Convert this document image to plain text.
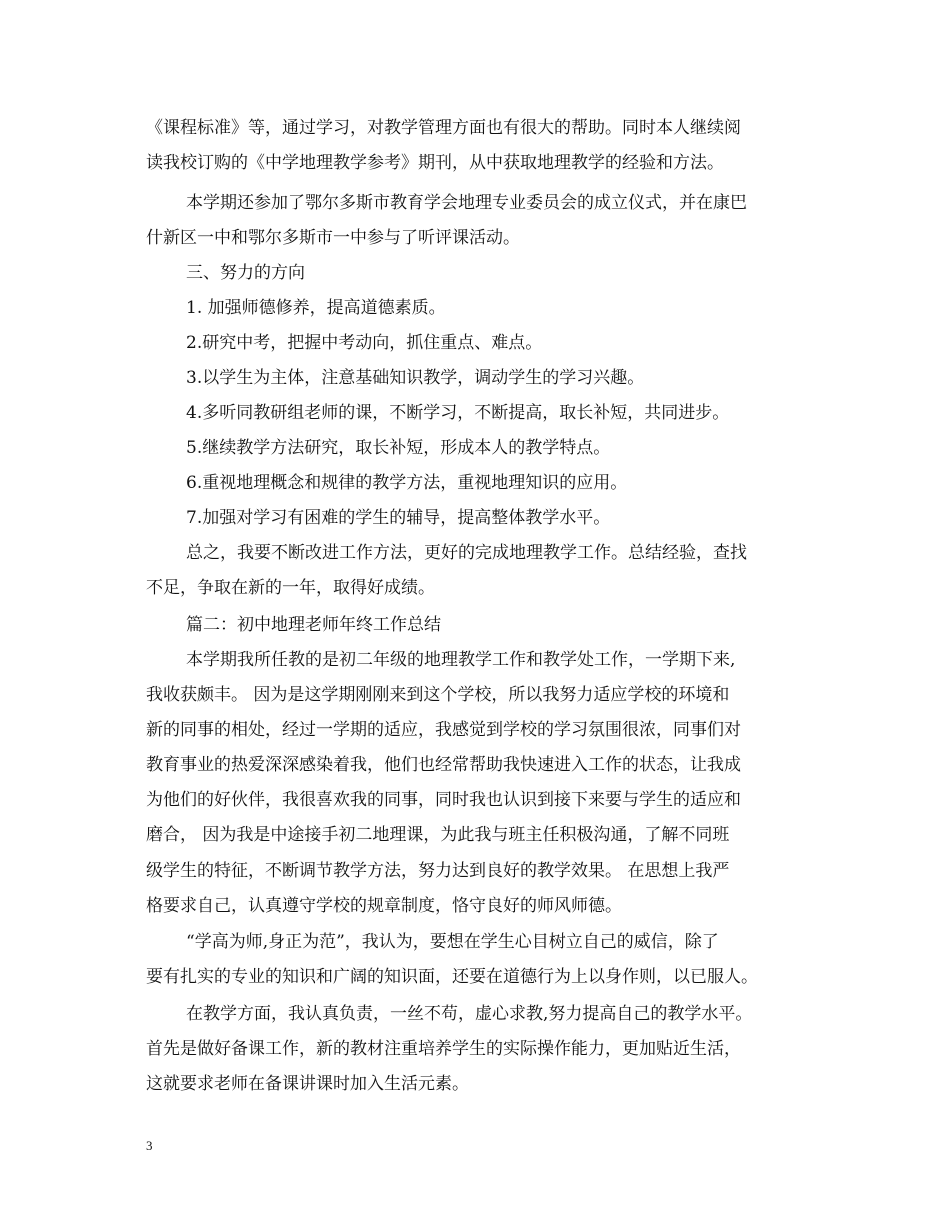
《课程标准》等，通过学习，对教学管理方面也有很大的帮助。同时本人继续阅
读我校订购的《中学地理教学参考》期刊，从中获取地理教学的经验和方法。
本学期还参加了鄂尔多斯市教育学会地理专业委员会的成立仪式，并在康巴
什新区一中和鄂尔多斯市一中参与了听评课活动。
三、努力的方向
1. 加强师德修养，提高道德素质。
2.研究中考，把握中考动向，抓住重点、难点。
3.以学生为主体，注意基础知识教学，调动学生的学习兴趣。
4.多听同教研组老师的课，不断学习，不断提高，取长补短，共同进步。
5.继续教学方法研究，取长补短，形成本人的教学特点。
6.重视地理概念和规律的教学方法，重视地理知识的应用。
7.加强对学习有困难的学生的辅导，提高整体教学水平。
总之，我要不断改进工作方法，更好的完成地理教学工作。总结经验，查找
不足，争取在新的一年，取得好成绩。
篇二：初中地理老师年终工作总结
本学期我所任教的是初二年级的地理教学工作和教学处工作，一学期下来,
我收获颇丰。 因为是这学期刚刚来到这个学校，所以我努力适应学校的环境和
新的同事的相处，经过一学期的适应，我感觉到学校的学习氛围很浓，同事们对
教育事业的热爱深深感染着我，他们也经常帮助我快速进入工作的状态，让我成
为他们的好伙伴，我很喜欢我的同事，同时我也认识到接下来要与学生的适应和
磨合， 因为我是中途接手初二地理课，为此我与班主任积极沟通，了解不同班
级学生的特征，不断调节教学方法，努力达到良好的教学效果。 在思想上我严
格要求自己，认真遵守学校的规章制度，恪守良好的师风师德。
“学高为师,身正为范”，我认为，要想在学生心目树立自己的威信，除了
要有扎实的专业的知识和广阔的知识面，还要在道德行为上以身作则，以已服人。
在教学方面，我认真负责，一丝不苟，虚心求教,努力提高自己的教学水平。
首先是做好备课工作，新的教材注重培养学生的实际操作能力，更加贴近生活，
这就要求老师在备课讲课时加入生活元素。
3
